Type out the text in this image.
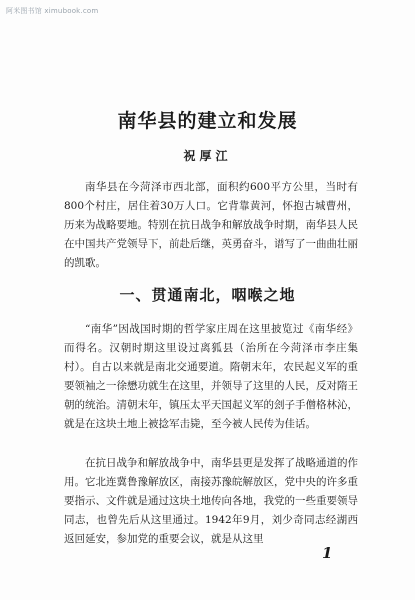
阿米图书馆 ximubook.com
南华县的建立和发展
祝厚江

南华县在今菏泽市西北部，面积约600平方公里，当时有800个村庄，居住着30万人口。它背靠黄河，怀抱古城曹州，历来为战略要地。特别在抗日战争和解放战争时期，南华县人民在中国共产党领导下，前赴后继，英勇奋斗，谱写了一曲曲壮丽的凯歌。

一、贯通南北，咽喉之地

“南华”因战国时期的哲学家庄周在这里披览过《南华经》而得名。汉朝时期这里设过离狐县（治所在今菏泽市李庄集村）。自古以来就是南北交通要道。隋朝末年，农民起义军的重要领袖之一徐懋功就生在这里，并领导了这里的人民，反对隋王朝的统治。清朝末年，镇压太平天国起义军的刽子手僧格林沁，就是在这块土地上被捻军击毙，至今被人民传为佳话。

在抗日战争和解放战争中，南华县更是发挥了战略通道的作用。它北连冀鲁豫解放区，南接苏豫皖解放区，党中央的许多重要指示、文件就是通过这块土地传向各地，我党的一些重要领导同志，也曾先后从这里通过。1942年9月，刘少奇同志经湖西返回延安，参加党的重要会议，就是从这里

1
